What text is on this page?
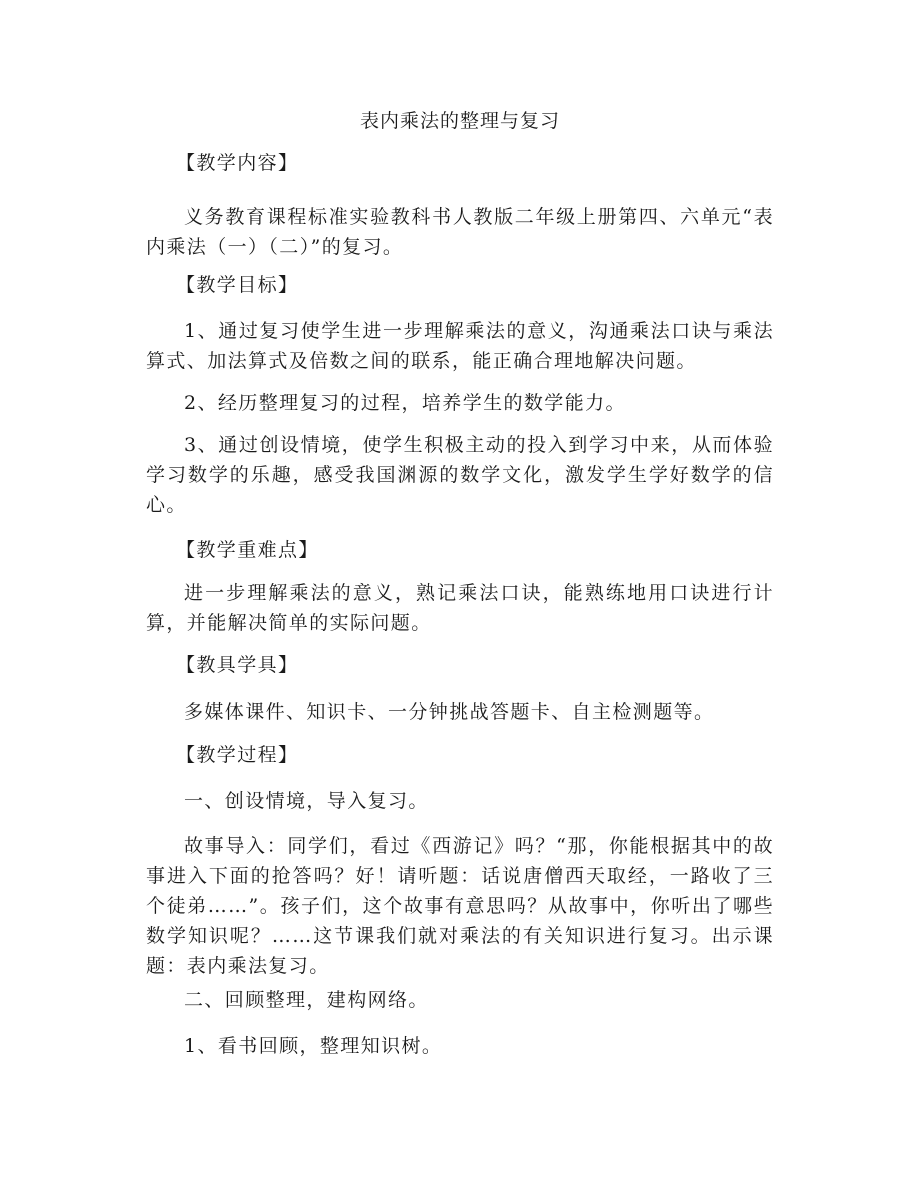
表内乘法的整理与复习
【教学内容】

义务教育课程标准实验教科书人教版二年级上册第四、六单元“表内乘法（一）（二）”的复习。

【教学目标】

1、通过复习使学生进一步理解乘法的意义，沟通乘法口诀与乘法算式、加法算式及倍数之间的联系，能正确合理地解决问题。

2、经历整理复习的过程，培养学生的数学能力。

3、通过创设情境，使学生积极主动的投入到学习中来，从而体验学习数学的乐趣，感受我国渊源的数学文化，激发学生学好数学的信心。

【教学重难点】

进一步理解乘法的意义，熟记乘法口诀，能熟练地用口诀进行计算，并能解决简单的实际问题。

【教具学具】

多媒体课件、知识卡、一分钟挑战答题卡、自主检测题等。

【教学过程】

一、创设情境，导入复习。

故事导入：同学们，看过《西游记》吗？“那，你能根据其中的故事进入下面的抢答吗？好！请听题：话说唐僧西天取经，一路收了三个徒弟……”。孩子们，这个故事有意思吗？从故事中，你听出了哪些数学知识呢？……这节课我们就对乘法的有关知识进行复习。出示课题：表内乘法复习。

二、回顾整理，建构网络。

1、看书回顾，整理知识树。
